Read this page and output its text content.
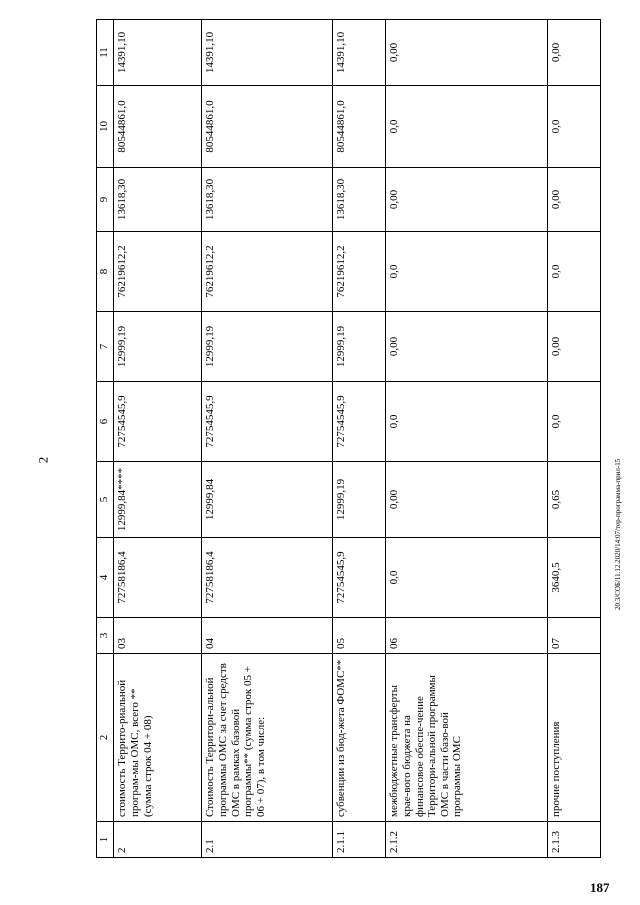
2	20.3/СОБ/11.12.2020/14:07/тер-программа-прил-15
187
1	2	3	4	5	6	7	8	9	10	11
2	стоимость Террито-риальной програм-мы ОМС, всего ** (сумма строк 04 + 08)	03	72758186,4	12999,84****	72754545,9	12999,19	76219612,2	13618,30	80544861,0	14391,10
2.1	Стоимость Территори-альной программы ОМС за счет средств ОМС в рамках базовой программы** (сумма строк 05 + 06 + 07), в том числе:	04	72758186,4	12999,84	72754545,9	12999,19	76219612,2	13618,30	80544861,0	14391,10
2.1.1	субвенции из бюд-жета ФОМС**	05	72754545,9	12999,19	72754545,9	12999,19	76219612,2	13618,30	80544861,0	14391,10
2.1.2	межбюджетные трансферты крае-вого бюджета на финансовое обеспе-чение Территори-альной программы ОМС в части базо-вой программы ОМС	06	0,0	0,00	0,0	0,00	0,0	0,00	0,0	0,00
2.1.3	прочие поступления	07	3640,5	0,65	0,0	0,00	0,0	0,00	0,0	0,00
